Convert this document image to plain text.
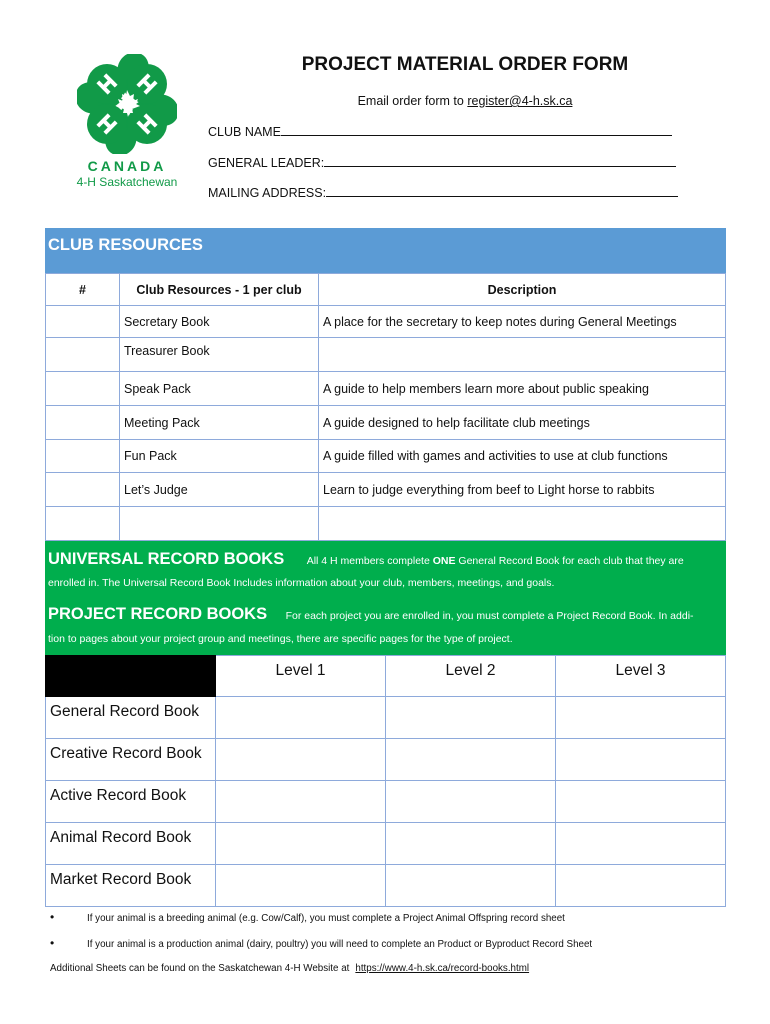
CANADA
4-H Saskatchewan
PROJECT MATERIAL ORDER FORM
Email order form to register@4-h.sk.ca
CLUB NAME
GENERAL LEADER:
MAILING ADDRESS:
CLUB RESOURCES
#	Club Resources - 1 per club	Description
	Secretary Book	A place for the secretary to keep notes during General Meetings
	Treasurer Book	
	Speak Pack	A guide to help members learn more about public speaking
	Meeting Pack	A guide designed to help facilitate club meetings
	Fun Pack	A guide filled with games and activities to use at club functions
	Let’s Judge	Learn to judge everything from beef to Light horse to rabbits

UNIVERSAL RECORD BOOKS All 4 H members complete ONE General Record Book for each club that they are
enrolled in. The Universal Record Book Includes information about your club, members, meetings, and goals.
PROJECT RECORD BOOKS For each project you are enrolled in, you must complete a Project Record Book. In addi-
tion to pages about your project group and meetings, there are specific pages for the type of project.
	Level 1	Level 2	Level 3
General Record Book			
Creative Record Book			
Active Record Book			
Animal Record Book			
Market Record Book			
•	If your animal is a breeding animal (e.g. Cow/Calf), you must complete a Project Animal Offspring record sheet
•	If your animal is a production animal (dairy, poultry) you will need to complete an Product or Byproduct Record Sheet
Additional Sheets can be found on the Saskatchewan 4-H Website at https://www.4-h.sk.ca/record-books.html
